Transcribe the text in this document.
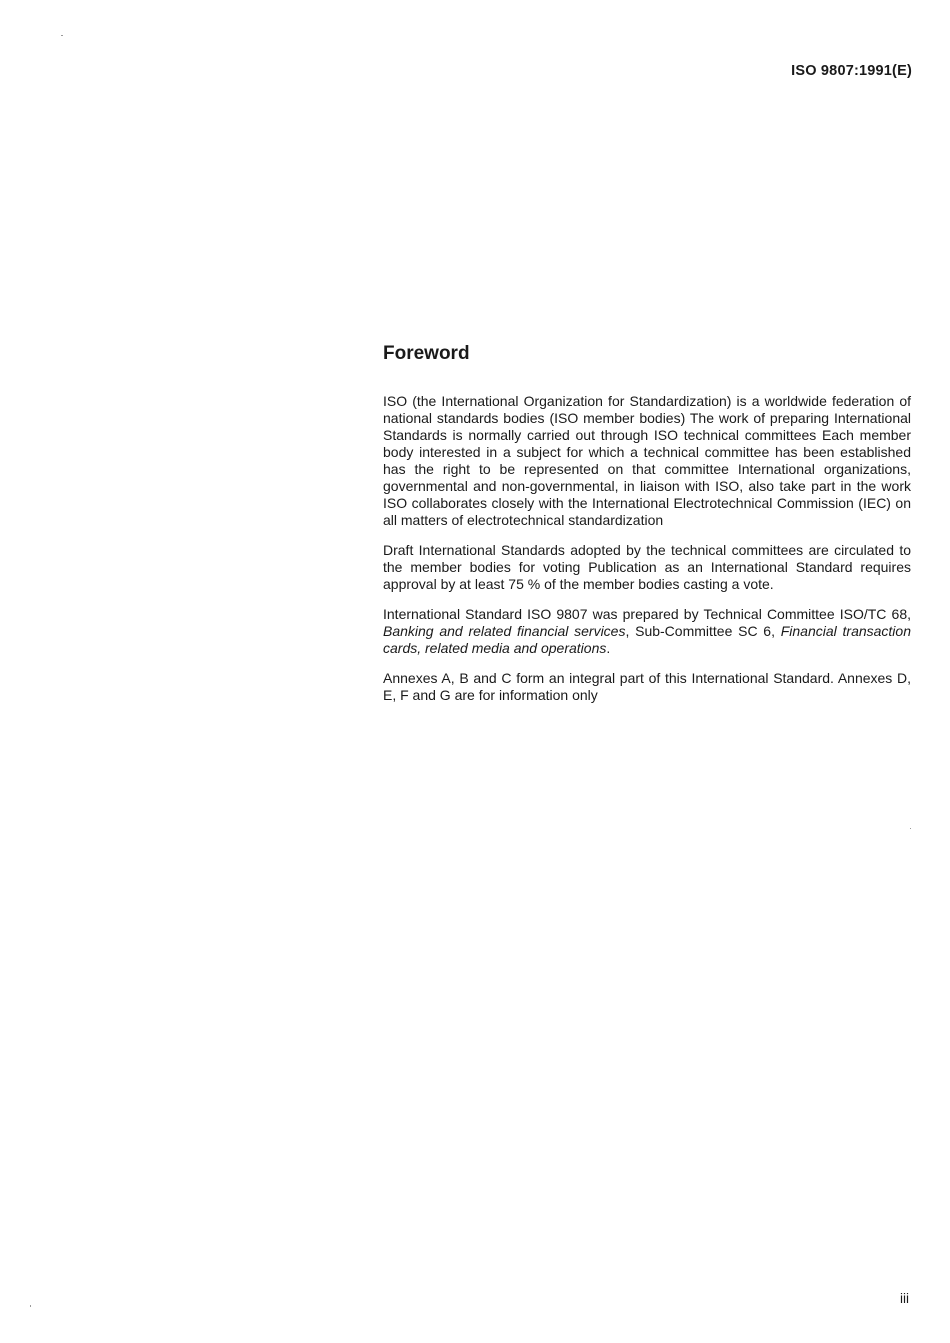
ISO 9807:1991(E)
Foreword

ISO (the International Organization for Standardization) is a worldwide federation of national standards bodies (ISO member bodies) The work of preparing International Standards is normally carried out through ISO technical committees Each member body interested in a subject for which a technical committee has been established has the right to be represented on that committee International organizations, governmental and non-governmental, in liaison with ISO, also take part in the work ISO collaborates closely with the International Electrotechnical Commission (IEC) on all matters of electrotechnical standardization

Draft International Standards adopted by the technical committees are circulated to the member bodies for voting Publication as an International Standard requires approval by at least 75 % of the member bodies casting a vote.

International Standard ISO 9807 was prepared by Technical Committee ISO/TC 68, Banking and related financial services, Sub-Committee SC 6, Financial transaction cards, related media and operations.

Annexes A, B and C form an integral part of this International Standard. Annexes D, E, F and G are for information only

iii
